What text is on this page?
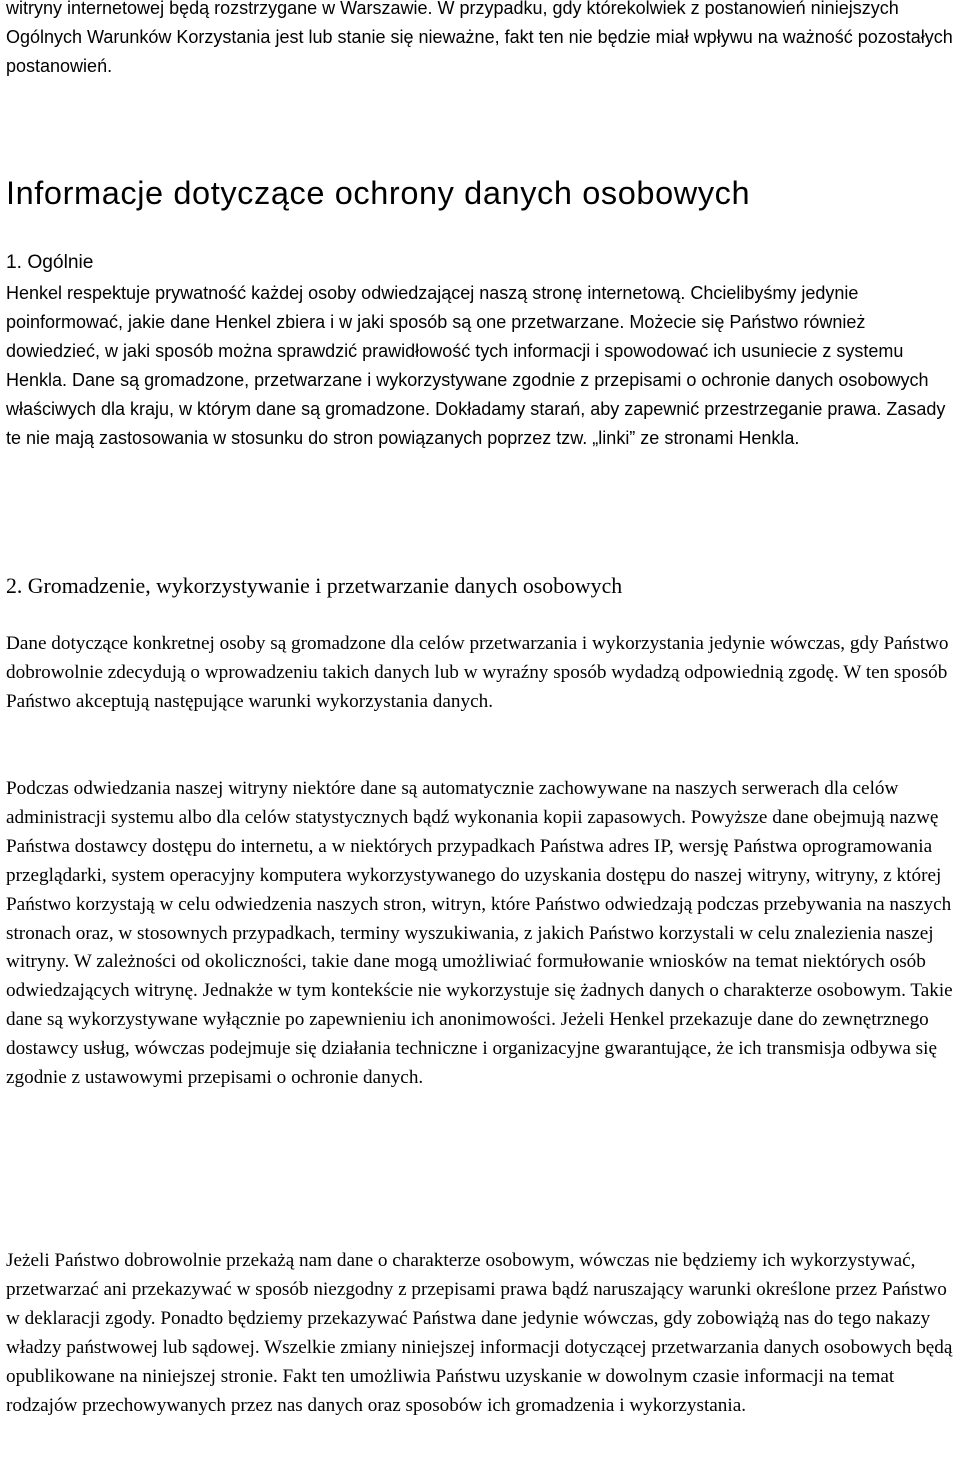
witryny internetowej będą rozstrzygane w Warszawie. W przypadku, gdy którekolwiek z postanowień niniejszych Ogólnych Warunków Korzystania jest lub stanie się nieważne, fakt ten nie będzie miał wpływu na ważność pozostałych postanowień.

Informacje dotyczące ochrony danych osobowych
1. Ogólnie

Henkel respektuje prywatność każdej osoby odwiedzającej naszą stronę internetową. Chcielibyśmy jedynie poinformować, jakie dane Henkel zbiera i w jaki sposób są one przetwarzane. Możecie się Państwo również dowiedzieć, w jaki sposób można sprawdzić prawidłowość tych informacji i spowodować ich usuniecie z systemu Henkla. Dane są gromadzone, przetwarzane i wykorzystywane zgodnie z przepisami o ochronie danych osobowych właściwych dla kraju, w którym dane są gromadzone. Dokładamy starań, aby zapewnić przestrzeganie prawa. Zasady te nie mają zastosowania w stosunku do stron powiązanych poprzez tzw. „linki” ze stronami Henkla.

2. Gromadzenie, wykorzystywanie i przetwarzanie danych osobowych

Dane dotyczące konkretnej osoby są gromadzone dla celów przetwarzania i wykorzystania jedynie wówczas, gdy Państwo dobrowolnie zdecydują o wprowadzeniu takich danych lub w wyraźny sposób wydadzą odpowiednią zgodę. W ten sposób Państwo akceptują następujące warunki wykorzystania danych.

Podczas odwiedzania naszej witryny niektóre dane są automatycznie zachowywane na naszych serwerach dla celów administracji systemu albo dla celów statystycznych bądź wykonania kopii zapasowych. Powyższe dane obejmują nazwę Państwa dostawcy dostępu do internetu, a w niektórych przypadkach Państwa adres IP, wersję Państwa oprogramowania przeglądarki, system operacyjny komputera wykorzystywanego do uzyskania dostępu do naszej witryny, witryny, z której Państwo korzystają w celu odwiedzenia naszych stron, witryn, które Państwo odwiedzają podczas przebywania na naszych stronach oraz, w stosownych przypadkach, terminy wyszukiwania, z jakich Państwo korzystali w celu znalezienia naszej witryny. W zależności od okoliczności, takie dane mogą umożliwiać formułowanie wniosków na temat niektórych osób odwiedzających witrynę. Jednakże w tym kontekście nie wykorzystuje się żadnych danych o charakterze osobowym. Takie dane są wykorzystywane wyłącznie po zapewnieniu ich anonimowości. Jeżeli Henkel przekazuje dane do zewnętrznego dostawcy usług, wówczas podejmuje się działania techniczne i organizacyjne gwarantujące, że ich transmisja odbywa się zgodnie z ustawowymi przepisami o ochronie danych.

Jeżeli Państwo dobrowolnie przekażą nam dane o charakterze osobowym, wówczas nie będziemy ich wykorzystywać, przetwarzać ani przekazywać w sposób niezgodny z przepisami prawa bądź naruszający warunki określone przez Państwo w deklaracji zgody. Ponadto będziemy przekazywać Państwa dane jedynie wówczas, gdy zobowiążą nas do tego nakazy władzy państwowej lub sądowej. Wszelkie zmiany niniejszej informacji dotyczącej przetwarzania danych osobowych będą opublikowane na niniejszej stronie. Fakt ten umożliwia Państwu uzyskanie w dowolnym czasie informacji na temat rodzajów przechowywanych przez nas danych oraz sposobów ich gromadzenia i wykorzystania.
